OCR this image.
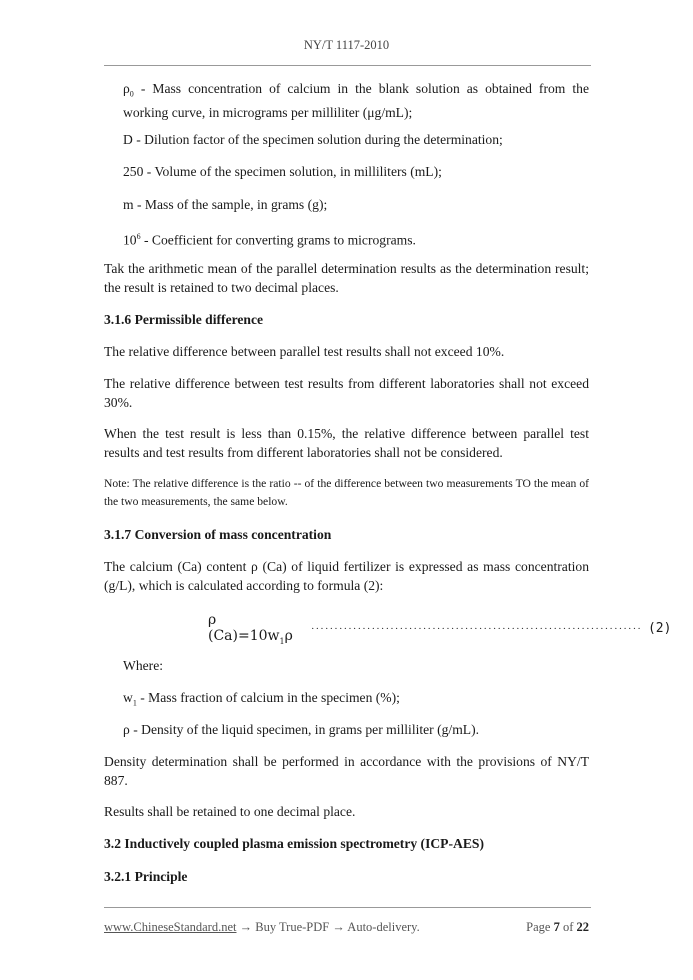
NY/T 1117-2010
$\rho_0$ - Mass concentration of calcium in the blank solution as obtained from the working curve, in micrograms per milliliter (μg/mL);
D - Dilution factor of the specimen solution during the determination;
250 - Volume of the specimen solution, in milliliters (mL);
m - Mass of the sample, in grams (g);
$10^6$ - Coefficient for converting grams to micrograms.
Tak the arithmetic mean of the parallel determination results as the determination result; the result is retained to two decimal places.
3.1.6 Permissible difference
The relative difference between parallel test results shall not exceed 10%.
The relative difference between test results from different laboratories shall not exceed 30%.
When the test result is less than 0.15%, the relative difference between parallel test results and test results from different laboratories shall not be considered.
Note: The relative difference is the ratio -- of the difference between two measurements TO the mean of the two measurements, the same below.
3.1.7 Conversion of mass concentration
The calcium (Ca) content ρ (Ca) of liquid fertilizer is expressed as mass concentration (g/L), which is calculated according to formula (2):
ρ $(Ca)=10w_1\rho$ ······································································· (2)
Where:
$w_1$ - Mass fraction of calcium in the specimen (%);
ρ - Density of the liquid specimen, in grams per milliliter (g/mL).
Density determination shall be performed in accordance with the provisions of NY/T 887.
Results shall be retained to one decimal place.
3.2 Inductively coupled plasma emission spectrometry (ICP-AES)
3.2.1 Principle
www.ChineseStandard.net → Buy True-PDF → Auto-delivery.	Page 7 of 22
